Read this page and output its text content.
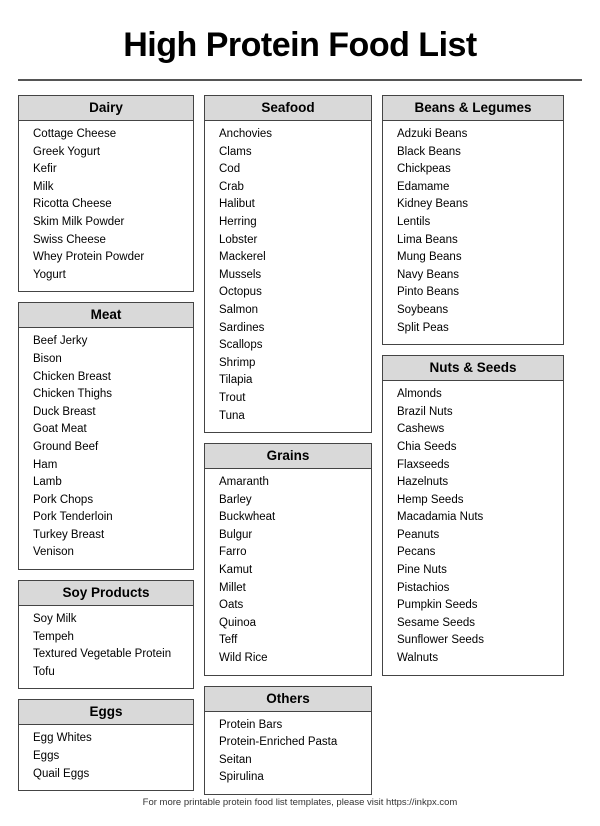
High Protein Food List
Dairy
Cottage Cheese
Greek Yogurt
Kefir
Milk
Ricotta Cheese
Skim Milk Powder
Swiss Cheese
Whey Protein Powder
Yogurt
Meat
Beef Jerky
Bison
Chicken Breast
Chicken Thighs
Duck Breast
Goat Meat
Ground Beef
Ham
Lamb
Pork Chops
Pork Tenderloin
Turkey Breast
Venison
Soy Products
Soy Milk
Tempeh
Textured Vegetable Protein
Tofu
Eggs
Egg Whites
Eggs
Quail Eggs
Seafood
Anchovies
Clams
Cod
Crab
Halibut
Herring
Lobster
Mackerel
Mussels
Octopus
Salmon
Sardines
Scallops
Shrimp
Tilapia
Trout
Tuna
Grains
Amaranth
Barley
Buckwheat
Bulgur
Farro
Kamut
Millet
Oats
Quinoa
Teff
Wild Rice
Others
Protein Bars
Protein-Enriched Pasta
Seitan
Spirulina
Beans & Legumes
Adzuki Beans
Black Beans
Chickpeas
Edamame
Kidney Beans
Lentils
Lima Beans
Mung Beans
Navy Beans
Pinto Beans
Soybeans
Split Peas
Nuts & Seeds
Almonds
Brazil Nuts
Cashews
Chia Seeds
Flaxseeds
Hazelnuts
Hemp Seeds
Macadamia Nuts
Peanuts
Pecans
Pine Nuts
Pistachios
Pumpkin Seeds
Sesame Seeds
Sunflower Seeds
Walnuts
For more printable protein food list templates, please visit https://inkpx.com
